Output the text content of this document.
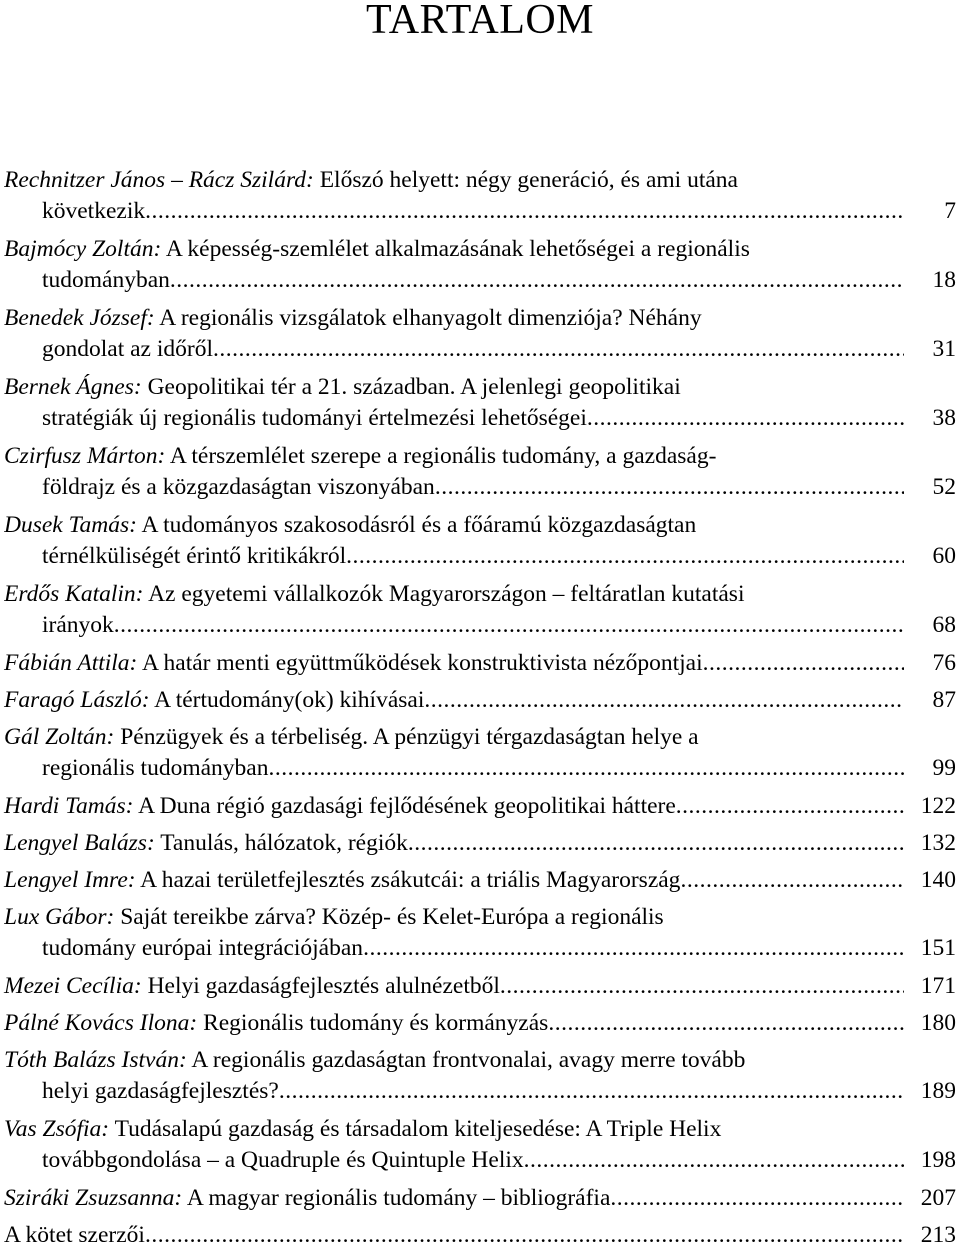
TARTALOM
Rechnitzer János – Rácz Szilárd: Előszó helyett: négy generáció, és ami utána
következik .....	7
Bajmócy Zoltán: A képesség-szemlélet alkalmazásának lehetőségei a regionális
tudományban .....	18
Benedek József: A regionális vizsgálatok elhanyagolt dimenziója? Néhány
gondolat az időről .....	31
Bernek Ágnes: Geopolitikai tér a 21. században. A jelenlegi geopolitikai
stratégiák új regionális tudományi értelmezési lehetőségei .....	38
Czirfusz Márton: A térszemlélet szerepe a regionális tudomány, a gazdaság-
földrajz és a közgazdaságtan viszonyában .....	52
Dusek Tamás: A tudományos szakosodásról és a főáramú közgazdaságtan
térnélküliségét érintő kritikákról .....	60
Erdős Katalin: Az egyetemi vállalkozók Magyarországon – feltáratlan kutatási
irányok .....	68
Fábián Attila: A határ menti együttműködések konstruktivista nézőpontjai .....	76
Faragó László: A tértudomány(ok) kihívásai .....	87
Gál Zoltán: Pénzügyek és a térbeliség. A pénzügyi térgazdaságtan helye a
regionális tudományban .....	99
Hardi Tamás: A Duna régió gazdasági fejlődésének geopolitikai háttere .....	122
Lengyel Balázs: Tanulás, hálózatok, régiók .....	132
Lengyel Imre: A hazai területfejlesztés zsákutcái: a triális Magyarország .....	140
Lux Gábor: Saját tereikbe zárva? Közép- és Kelet-Európa a regionális
tudomány európai integrációjában .....	151
Mezei Cecília: Helyi gazdaságfejlesztés alulnézetből .....	171
Pálné Kovács Ilona: Regionális tudomány és kormányzás .....	180
Tóth Balázs István: A regionális gazdaságtan frontvonalai, avagy merre tovább
helyi gazdaságfejlesztés? .....	189
Vas Zsófia: Tudásalapú gazdaság és társadalom kiteljesedése: A Triple Helix
továbbgondolása – a Quadruple és Quintuple Helix .....	198
Sziráki Zsuzsanna: A magyar regionális tudomány – bibliográfia .....	207
A kötet szerzői .....	213
